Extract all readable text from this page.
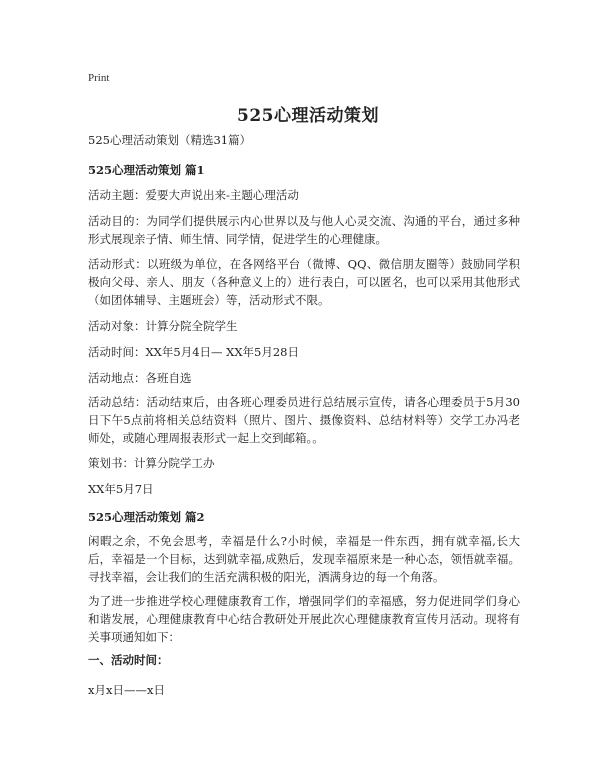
Print
525心理活动策划
525心理活动策划（精选31篇）
525心理活动策划 篇1
活动主题：爱要大声说出来-主题心理活动
活动目的：为同学们提供展示内心世界以及与他人心灵交流、沟通的平台，通过多种形式展现亲子情、师生情、同学情，促进学生的心理健康。
活动形式：以班级为单位，在各网络平台（微博、QQ、微信朋友圈等）鼓励同学积极向父母、亲人、朋友（各种意义上的）进行表白，可以匿名，也可以采用其他形式（如团体辅导、主题班会）等，活动形式不限。
活动对象：计算分院全院学生
活动时间：XX年5月4日— XX年5月28日
活动地点：各班自选
活动总结：活动结束后，由各班心理委员进行总结展示宣传，请各心理委员于5月30日下午5点前将相关总结资料（照片、图片、摄像资料、总结材料等）交学工办冯老师处，或随心理周报表形式一起上交到邮箱。。
策划书：计算分院学工办
XX年5月7日
525心理活动策划 篇2
闲暇之余，不免会思考，幸福是什么?小时候，幸福是一件东西，拥有就幸福,长大后，幸福是一个目标，达到就幸福,成熟后，发现幸福原来是一种心态，领悟就幸福。寻找幸福，会让我们的生活充满积极的阳光，洒满身边的每一个角落。
为了进一步推进学校心理健康教育工作，增强同学们的幸福感，努力促进同学们身心和谐发展，心理健康教育中心结合教研处开展此次心理健康教育宣传月活动。现将有关事项通知如下：
一、活动时间：
x月x日——x日
